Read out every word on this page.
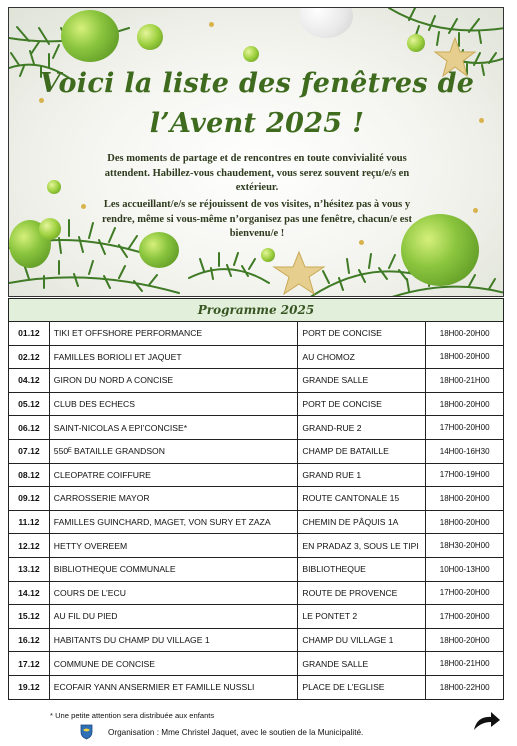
Voici la liste des fenêtres de
l’Avent 2025 !
Des moments de partage et de rencontres en toute convivialité vous attendent. Habillez-vous chaudement, vous serez souvent reçu/e/s en extérieur.
Les accueillant/e/s se réjouissent de vos visites, n’hésitez pas à vous y rendre, même si vous-même n’organisez pas une fenêtre, chacun/e est bienvenu/e !
Programme 2025			
01.12	TIKI ET OFFSHORE PERFORMANCE	PORT DE CONCISE	18H00-20H00
02.12	FAMILLES BORIOLI ET JAQUET	AU CHOMOZ	18H00-20H00
04.12	GIRON DU NORD A CONCISE	GRANDE SALLE	18H00-21H00
05.12	CLUB DES ECHECS	PORT DE CONCISE	18H00-20H00
06.12	SAINT-NICOLAS A EPI’CONCISE*	GRAND-RUE 2	17H00-20H00
07.12	550ᴱ BATAILLE GRANDSON	CHAMP DE BATAILLE	14H00-16H30
08.12	CLEOPATRE COIFFURE	GRAND RUE 1	17H00-19H00
09.12	CARROSSERIE MAYOR	ROUTE CANTONALE 15	18H00-20H00
11.12	FAMILLES GUINCHARD, MAGET, VON SURY ET ZAZA	CHEMIN DE PÂQUIS 1A	18H00-20H00
12.12	HETTY OVEREEM	EN PRADAZ 3, SOUS LE TIPI	18H30-20H00
13.12	BIBLIOTHEQUE COMMUNALE	BIBLIOTHEQUE	10H00-13H00
14.12	COURS DE L’ECU	ROUTE DE PROVENCE	17H00-20H00
15.12	AU FIL DU PIED	LE PONTET 2	17H00-20H00
16.12	HABITANTS DU CHAMP DU VILLAGE 1	CHAMP DU VILLAGE 1	18H00-20H00
17.12	COMMUNE DE CONCISE	GRANDE SALLE	18H00-21H00
19.12	ECOFAIR YANN ANSERMIER ET FAMILLE NUSSLI	PLACE DE L’EGLISE	18H00-22H00
* Une petite attention sera distribuée aux enfants
Organisation : Mme Christel Jaquet, avec le soutien de la Municipalité.
